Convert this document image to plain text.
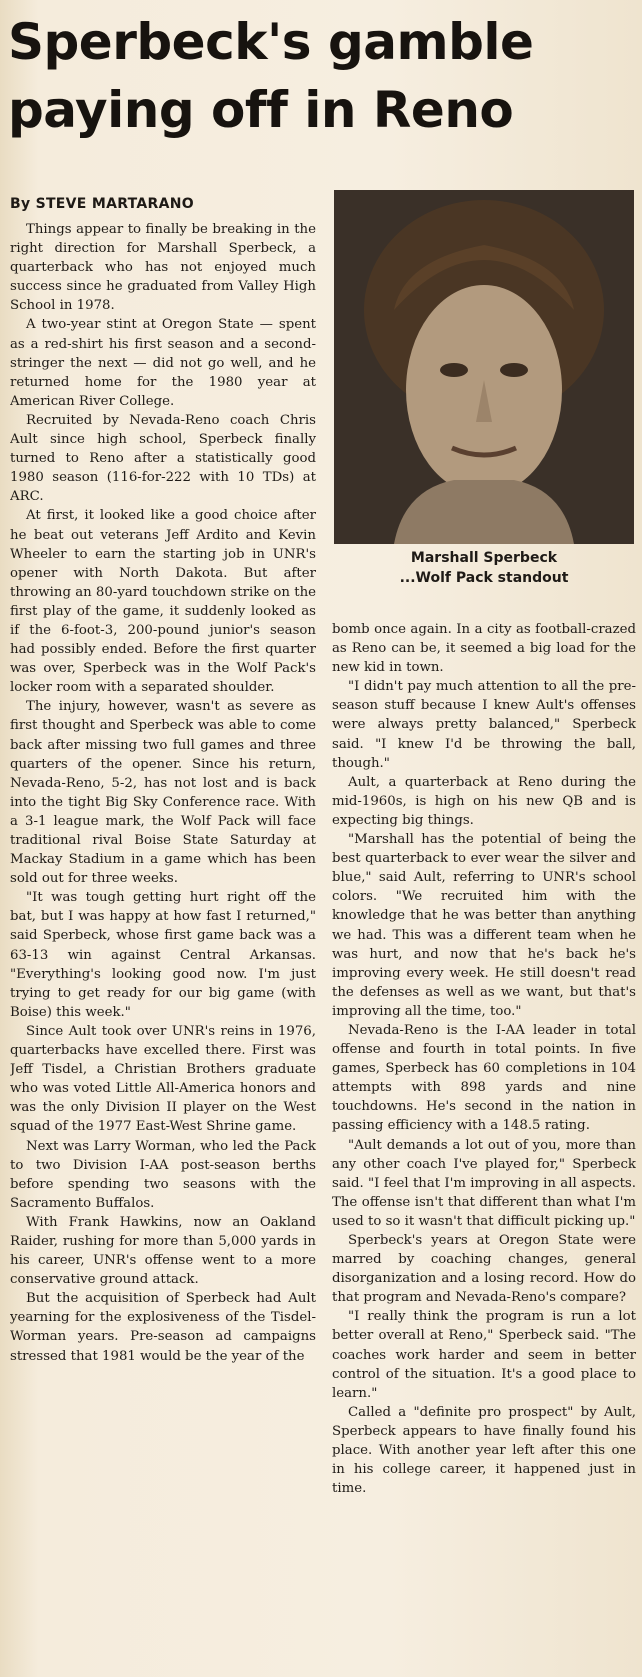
Sperbeck's gamble paying off in Reno
By STEVE MARTARANO
Marshall Sperbeck
...Wolf Pack standout

Things appear to finally be breaking in the right direction for Marshall Sperbeck, a quarterback who has not enjoyed much success since he graduated from Valley High School in 1978.

A two-year stint at Oregon State — spent as a red-shirt his first season and a second-stringer the next — did not go well, and he returned home for the 1980 year at American River College.

Recruited by Nevada-Reno coach Chris Ault since high school, Sperbeck finally turned to Reno after a statistically good 1980 season (116-for-222 with 10 TDs) at ARC.

At first, it looked like a good choice after he beat out veterans Jeff Ardito and Kevin Wheeler to earn the starting job in UNR's opener with North Dakota. But after throwing an 80-yard touchdown strike on the first play of the game, it suddenly looked as if the 6-foot-3, 200-pound junior's season had possibly ended. Before the first quarter was over, Sperbeck was in the Wolf Pack's locker room with a separated shoulder.

The injury, however, wasn't as severe as first thought and Sperbeck was able to come back after missing two full games and three quarters of the opener. Since his return, Nevada-Reno, 5-2, has not lost and is back into the tight Big Sky Conference race. With a 3-1 league mark, the Wolf Pack will face traditional rival Boise State Saturday at Mackay Stadium in a game which has been sold out for three weeks.

"It was tough getting hurt right off the bat, but I was happy at how fast I returned," said Sperbeck, whose first game back was a 63-13 win against Central Arkansas. "Everything's looking good now. I'm just trying to get ready for our big game (with Boise) this week."

Since Ault took over UNR's reins in 1976, quarterbacks have excelled there. First was Jeff Tisdel, a Christian Brothers graduate who was voted Little All-America honors and was the only Division II player on the West squad of the 1977 East-West Shrine game.

Next was Larry Worman, who led the Pack to two Division I-AA post-season berths before spending two seasons with the Sacramento Buffalos.

With Frank Hawkins, now an Oakland Raider, rushing for more than 5,000 yards in his career, UNR's offense went to a more conservative ground attack.

But the acquisition of Sperbeck had Ault yearning for the explosiveness of the Tisdel-Worman years. Pre-season ad campaigns stressed that 1981 would be the year of the

bomb once again. In a city as football-crazed as Reno can be, it seemed a big load for the new kid in town.

"I didn't pay much attention to all the pre-season stuff because I knew Ault's offenses were always pretty balanced," Sperbeck said. "I knew I'd be throwing the ball, though."

Ault, a quarterback at Reno during the mid-1960s, is high on his new QB and is expecting big things.

"Marshall has the potential of being the best quarterback to ever wear the silver and blue," said Ault, referring to UNR's school colors. "We recruited him with the knowledge that he was better than anything we had. This was a different team when he was hurt, and now that he's back he's improving every week. He still doesn't read the defenses as well as we want, but that's improving all the time, too."

Nevada-Reno is the I-AA leader in total offense and fourth in total points. In five games, Sperbeck has 60 completions in 104 attempts with 898 yards and nine touchdowns. He's second in the nation in passing efficiency with a 148.5 rating.

"Ault demands a lot out of you, more than any other coach I've played for," Sperbeck said. "I feel that I'm improving in all aspects. The offense isn't that different than what I'm used to so it wasn't that difficult picking up."

Sperbeck's years at Oregon State were marred by coaching changes, general disorganization and a losing record. How do that program and Nevada-Reno's compare?

"I really think the program is run a lot better overall at Reno," Sperbeck said. "The coaches work harder and seem in better control of the situation. It's a good place to learn."

Called a "definite pro prospect" by Ault, Sperbeck appears to have finally found his place. With another year left after this one in his college career, it happened just in time.
